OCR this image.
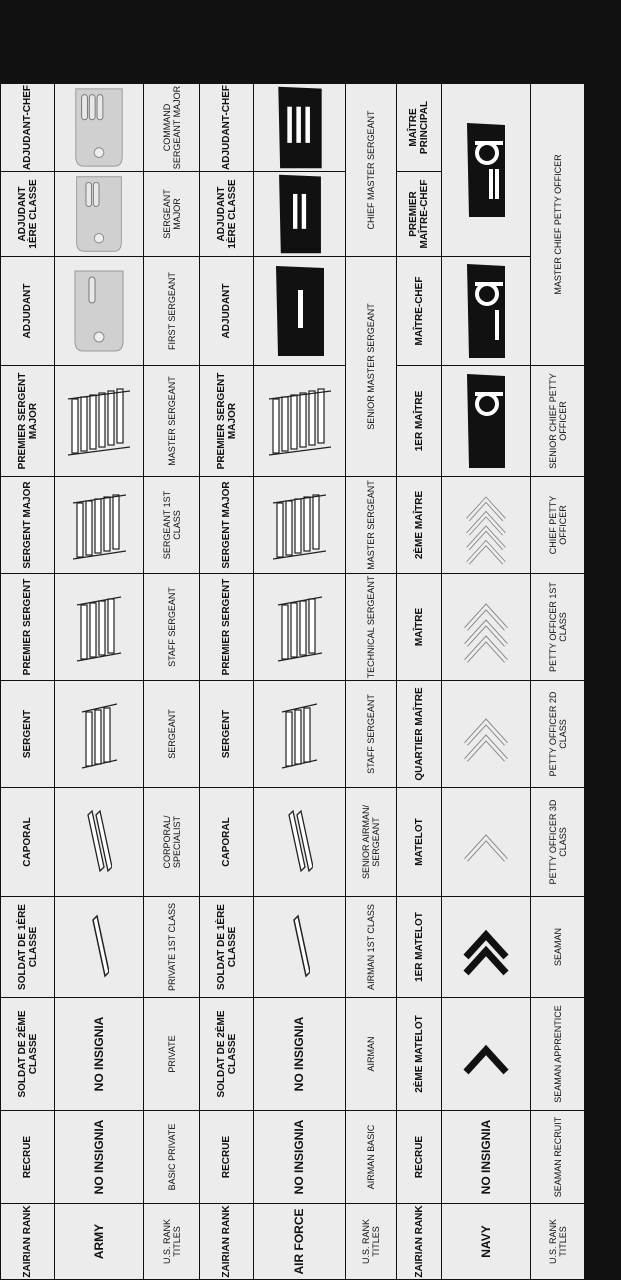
ZAIRIAN RANK
RECRUE
SOLDAT DE 2ÈME CLASSE
SOLDAT DE 1ÈRE CLASSE
CAPORAL
SERGENT
PREMIER SERGENT
SERGENT MAJOR
PREMIER SERGENT MAJOR
ADJUDANT
ADJUDANT 1ÈRE CLASSE
ADJUDANT-CHEF
ARMY
NO INSIGNIA
NO INSIGNIA
U.S. RANK TITLES
BASIC PRIVATE
PRIVATE
PRIVATE 1ST CLASS
CORPORAL/ SPECIALIST
SERGEANT
STAFF SERGEANT
SERGEANT 1ST CLASS
MASTER SERGEANT
FIRST SERGEANT
SERGEANT MAJOR
COMMAND SERGEANT MAJOR
ZAIRIAN RANK
RECRUE
SOLDAT DE 2ÈME CLASSE
SOLDAT DE 1ÈRE CLASSE
CAPORAL
SERGENT
PREMIER SERGENT
SERGENT MAJOR
PREMIER SERGENT MAJOR
ADJUDANT
ADJUDANT 1ÈRE CLASSE
ADJUDANT-CHEF
AIR FORCE
NO INSIGNIA
NO INSIGNIA
U.S. RANK TITLES
AIRMAN BASIC
AIRMAN
AIRMAN 1ST CLASS
SENIOR AIRMAN/ SERGEANT
STAFF SERGEANT
TECHNICAL SERGEANT
MASTER SERGEANT
SENIOR MASTER SERGEANT
CHIEF MASTER SERGEANT
ZAIRIAN RANK
RECRUE
2ÈME MATELOT
1ER MATELOT
MATELOT
QUARTIER MAÎTRE
MAÎTRE
2ÈME MAÎTRE
1ER MAÎTRE
MAÎTRE-CHEF
PREMIER MAÎTRE-CHEF
MAÎTRE PRINCIPAL
NAVY
NO INSIGNIA
U.S. RANK TITLES
SEAMAN RECRUIT
SEAMAN APPRENTICE
SEAMAN
PETTY OFFICER 3D CLASS
PETTY OFFICER 2D CLASS
PETTY OFFICER 1ST CLASS
CHIEF PETTY OFFICER
SENIOR CHIEF PETTY OFFICER
MASTER CHIEF PETTY OFFICER
